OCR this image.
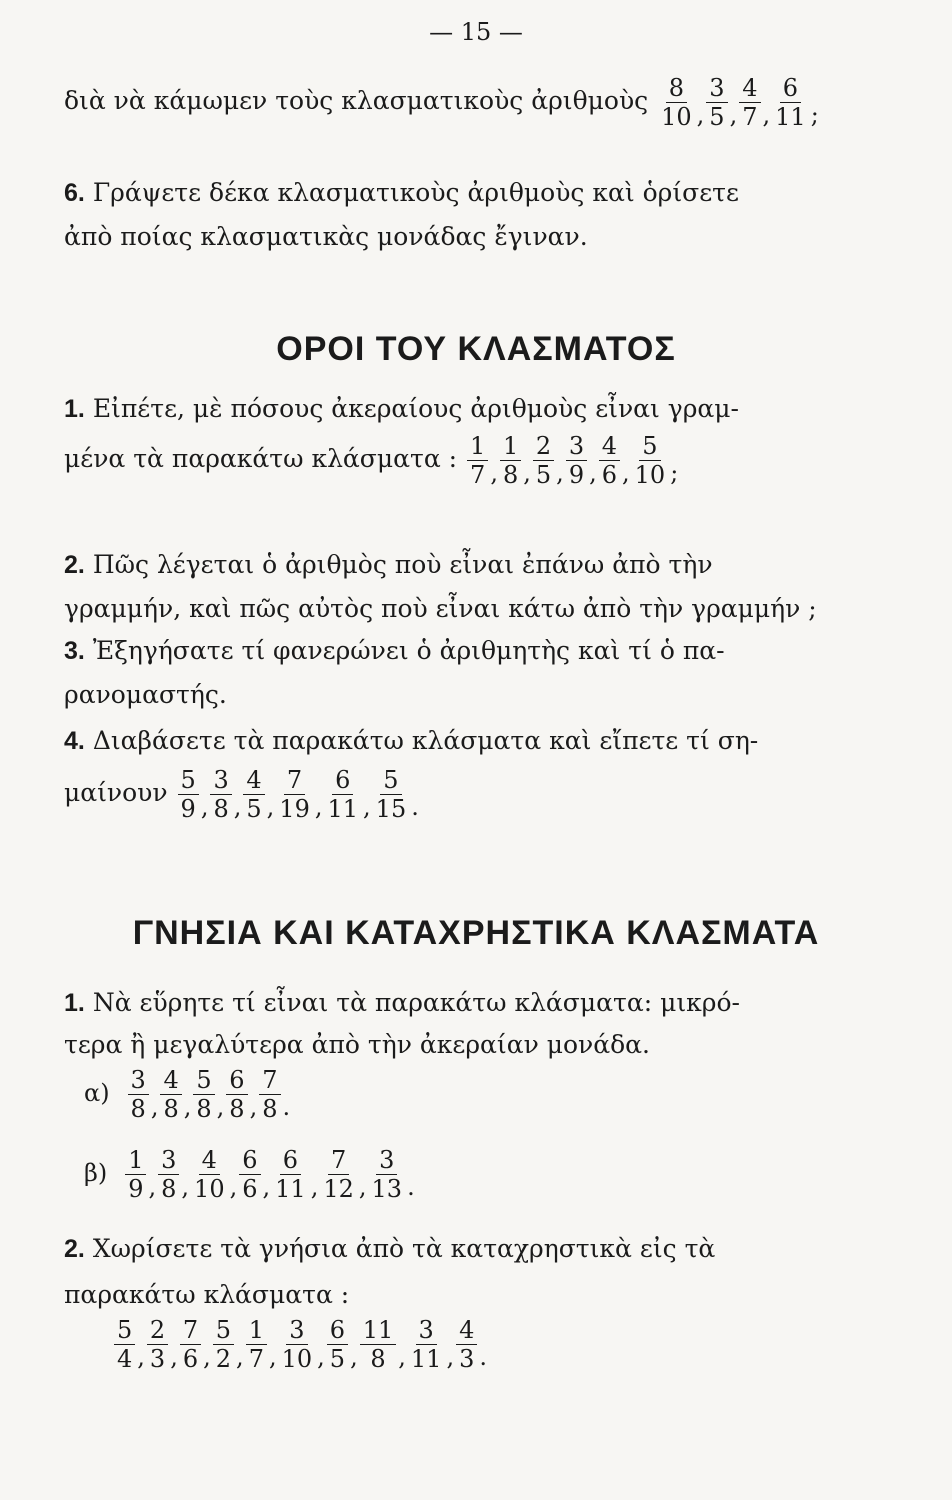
— 15 —
διὰ νὰ κάμωμεν τοὺς κλασματικοὺς ἀριθμοὺς $\frac{8}{10}$ , $\frac{3}{5}$ , $\frac{4}{7}$ , $\frac{6}{11}$ ;
6. Γράψετε δέκα κλασματικοὺς ἀριθμοὺς καὶ ὁρίσετε
ἀπὸ ποίας κλασματικὰς μονάδας ἔγιναν.
ΟΡΟΙ ΤΟΥ ΚΛΑΣΜΑΤΟΣ
1. Εἰπέτε, μὲ πόσους ἀκεραίους ἀριθμοὺς εἶναι γραμ-
μένα τὰ παρακάτω κλάσματα : $\frac{1}{7}$ , $\frac{1}{8}$ , $\frac{2}{5}$ , $\frac{3}{9}$ , $\frac{4}{6}$ , $\frac{5}{10}$ ;
2. Πῶς λέγεται ὁ ἀριθμὸς ποὺ εἶναι ἐπάνω ἀπὸ τὴν
γραμμήν, καὶ πῶς αὐτὸς ποὺ εἶναι κάτω ἀπὸ τὴν γραμμήν ;
3. Ἐξηγήσατε τί φανερώνει ὁ ἀριθμητὴς καὶ τί ὁ πα-
ρανομαστής.
4. Διαβάσετε τὰ παρακάτω κλάσματα καὶ εἴπετε τί ση-
μαίνουν $\frac{5}{9}$ , $\frac{3}{8}$ , $\frac{4}{5}$ , $\frac{7}{19}$ , $\frac{6}{11}$ , $\frac{5}{15}$ .
ΓΝΗΣΙΑ ΚΑΙ ΚΑΤΑΧΡΗΣΤΙΚΑ ΚΛΑΣΜΑΤΑ
1. Νὰ εὕρητε τί εἶναι τὰ παρακάτω κλάσματα: μικρό-
τερα ἢ μεγαλύτερα ἀπὸ τὴν ἀκεραίαν μονάδα.
$\alpha) \frac{3}{8}$ , $\frac{4}{8}$ , $\frac{5}{8}$ , $\frac{6}{8}$ , $\frac{7}{8}$ .
$\beta) \frac{1}{9}$ , $\frac{3}{8}$ , $\frac{4}{10}$ , $\frac{6}{6}$ , $\frac{6}{11}$ , $\frac{7}{12}$ , $\frac{3}{13}$ .
2. Χωρίσετε τὰ γνήσια ἀπὸ τὰ καταχρηστικὰ εἰς τὰ
παρακάτω κλάσματα :
$\frac{5}{4}$ , $\frac{2}{3}$ , $\frac{7}{6}$ , $\frac{5}{2}$ , $\frac{1}{7}$ , $\frac{3}{10}$ , $\frac{6}{5}$ , $\frac{11}{8}$ , $\frac{3}{11}$ , $\frac{4}{3}$ .
